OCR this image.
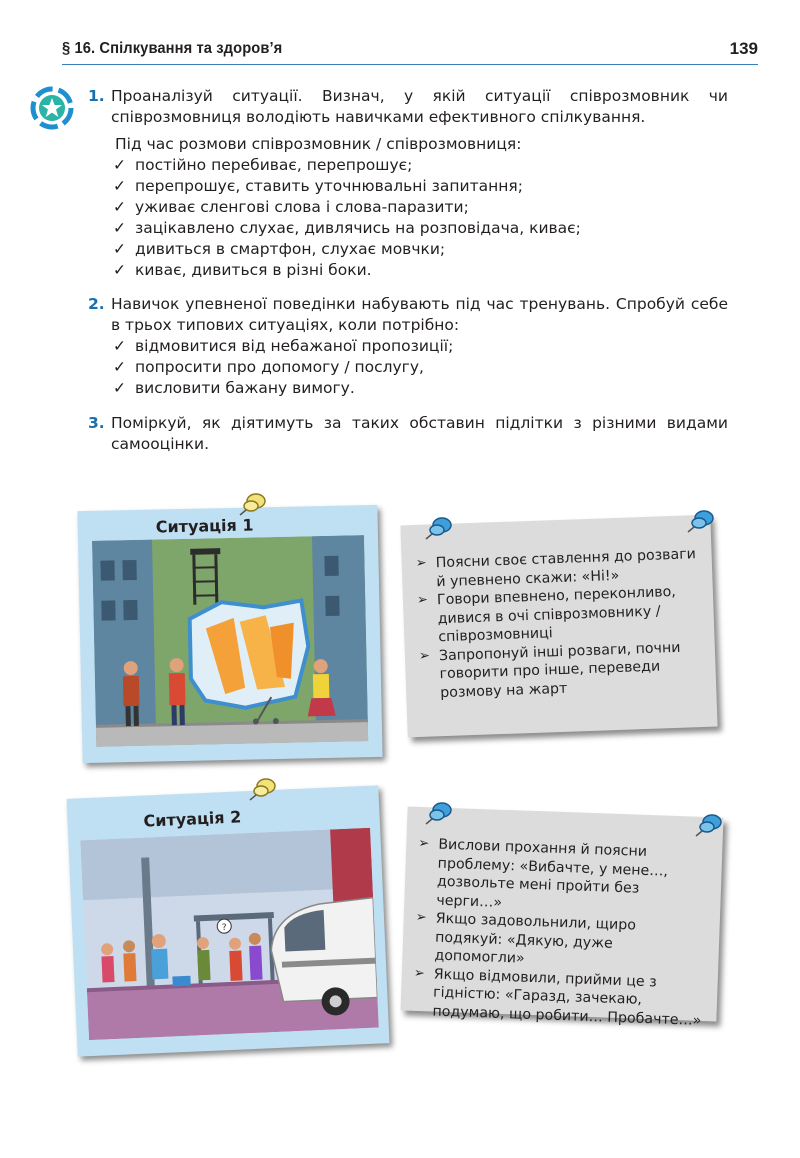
§ 16. Спілкування та здоров’я	139
1. Проаналізуй ситуації. Визнач, у якій ситуації співрозмовник чи співрозмовниця володіють навичками ефективного спілкування.

Під час розмови співрозмовник / співрозмовниця:
✓ постійно перебиває, перепрошує;
✓ перепрошує, ставить уточнювальні запитання;
✓ уживає сленгові слова і слова-паразити;
✓ зацікавлено слухає, дивлячись на розповідача, киває;
✓ дивиться в смартфон, слухає мовчки;
✓ киває, дивиться в різні боки.
2. Навичок упевненої поведінки набувають під час тренувань. Спробуй себе в трьох типових ситуаціях, коли потрібно:

✓ відмовитися від небажаної пропозиції;
✓ попросити про допомогу / послугу,
✓ висловити бажану вимогу.
3. Поміркуй, як діятимуть за таких обставин підлітки з різними видами самооцінки.

Ситуація 1
➢ Поясни своє ставлення до розваги й упевнено скажи: «Ні!»
➢ Говори впевнено, переконливо, дивися в очі співрозмовнику / співрозмовниці
➢ Запропонуй інші розваги, почни говорити про інше, переведи розмову на жарт
Ситуація 2
?
➢ Вислови прохання й поясни проблему: «Вибачте, у мене…, дозвольте мені пройти без черги…»
➢ Якщо задовольнили, щиро подякуй: «Дякую, дуже допомогли»
➢ Якщо відмовили, прийми це з гідністю: «Гаразд, зачекаю, подумаю, що робити… Пробачте…»
